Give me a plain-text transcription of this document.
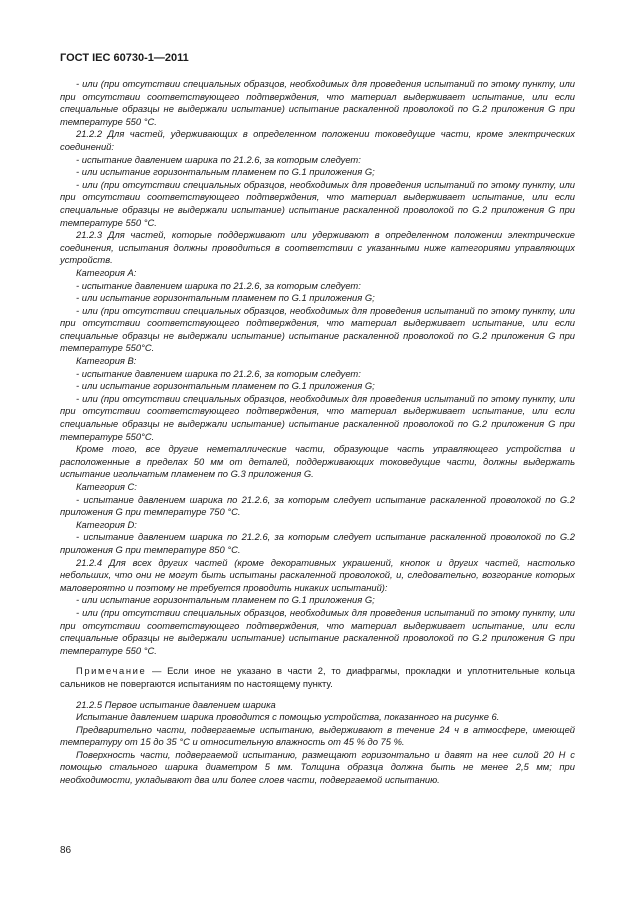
ГОСТ IEC 60730-1—2011

- или (при отсутствии специальных образцов, необходимых для проведения испытаний по этому пункту, или при отсутствии соответствующего подтверждения, что материал выдерживает испытание, или если специальные образцы не выдержали испытание) испытание раскаленной проволокой по G.2 приложения G при температуре 550 °С.

21.2.2 Для частей, удерживающих в определенном положении токоведущие части, кроме электрических соединений:

- испытание давлением шарика по 21.2.6, за которым следует:

- или испытание горизонтальным пламенем по G.1 приложения G;

- или (при отсутствии специальных образцов, необходимых для проведения испытаний по этому пункту, или при отсутствии соответствующего подтверждения, что материал выдерживает испытание, или если специальные образцы не выдержали испытание) испытание раскаленной проволокой по G.2 приложения G при температуре 550 °С.

21.2.3 Для частей, которые поддерживают или удерживают в определенном положении электрические соединения, испытания должны проводиться в соответствии с указанными ниже категориями управляющих устройств.

Категория А:

- испытание давлением шарика по 21.2.6, за которым следует:

- или испытание горизонтальным пламенем по G.1 приложения G;

- или (при отсутствии специальных образцов, необходимых для проведения испытаний по этому пункту, или при отсутствии соответствующего подтверждения, что материал выдерживает испытание, или если специальные образцы не выдержали испытание) испытание раскаленной проволокой по G.2 приложения G при температуре 550°С.

Категория В:

- испытание давлением шарика по 21.2.6, за которым следует:

- или испытание горизонтальным пламенем по G.1 приложения G;

- или (при отсутствии специальных образцов, необходимых для проведения испытаний по этому пункту, или при отсутствии соответствующего подтверждения, что материал выдерживает испытание, или если специальные образцы не выдержали испытание) испытание раскаленной проволокой по G.2 приложения G при температуре 550°С.

Кроме того, все другие неметаллические части, образующие часть управляющего устройства и расположенные в пределах 50 мм от деталей, поддерживающих токоведущие части, должны выдержать испытание игольчатым пламенем по G.3 приложения G.

Категория С:

- испытание давлением шарика по 21.2.6, за которым следует испытание раскаленной проволокой по G.2 приложения G при температуре 750 °С.

Категория D:

- испытание давлением шарика по 21.2.6, за которым следует испытание раскаленной проволокой по G.2 приложения G при температуре 850 °С.

21.2.4 Для всех других частей (кроме декоративных украшений, кнопок и других частей, настолько небольших, что они не могут быть испытаны раскаленной проволокой, и, следовательно, возгорание которых маловероятно и поэтому не требуется проводить никаких испытаний):

- или испытание горизонтальным пламенем по G.1 приложения G;

- или (при отсутствии специальных образцов, необходимых для проведения испытаний по этому пункту, или при отсутствии соответствующего подтверждения, что материал выдерживает испытание, или если специальные образцы не выдержали испытание) испытание раскаленной проволокой по G.2 приложения G при температуре 550 °С.

Примечание — Если иное не указано в части 2, то диафрагмы, прокладки и уплотнительные кольца сальников не повергаются испытаниям по настоящему пункту.

21.2.5 Первое испытание давлением шарика

Испытание давлением шарика проводится с помощью устройства, показанного на рисунке 6.

Предварительно части, подвергаемые испытанию, выдерживают в течение 24 ч в атмосфере, имеющей температуру от 15 до 35 °С и относительную влажность от 45 % до 75 %.

Поверхность части, подвергаемой испытанию, размещают горизонтально и давят на нее силой 20 Н с помощью стального шарика диаметром 5 мм. Толщина образца должна быть не менее 2,5 мм; при необходимости, укладывают два или более слоев части, подвергаемой испытанию.

86
